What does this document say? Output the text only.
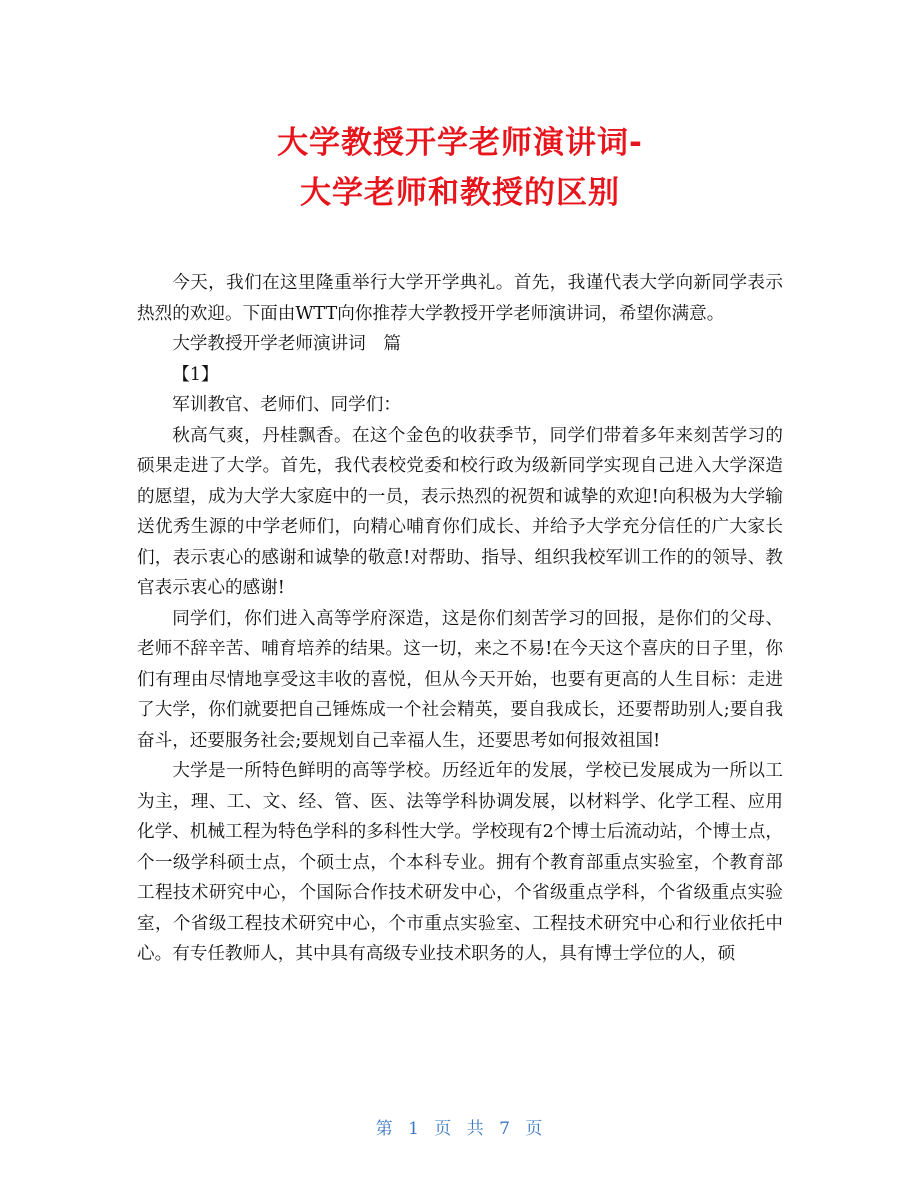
大学教授开学老师演讲词-
大学老师和教授的区别

今天，我们在这里隆重举行大学开学典礼。首先，我谨代表大学向新同学表示热烈的欢迎。下面由WTT向你推荐大学教授开学老师演讲词，希望你满意。

大学教授开学老师演讲词　篇

【1】

军训教官、老师们、同学们：

秋高气爽，丹桂飘香。在这个金色的收获季节，同学们带着多年来刻苦学习的硕果走进了大学。首先，我代表校党委和校行政为级新同学实现自己进入大学深造的愿望，成为大学大家庭中的一员，表示热烈的祝贺和诚挚的欢迎!向积极为大学输送优秀生源的中学老师们，向精心哺育你们成长、并给予大学充分信任的广大家长们，表示衷心的感谢和诚挚的敬意!对帮助、指导、组织我校军训工作的的领导、教官表示衷心的感谢!

同学们，你们进入高等学府深造，这是你们刻苦学习的回报，是你们的父母、老师不辞辛苦、哺育培养的结果。这一切，来之不易!在今天这个喜庆的日子里，你们有理由尽情地享受这丰收的喜悦，但从今天开始，也要有更高的人生目标：走进了大学，你们就要把自己锤炼成一个社会精英，要自我成长，还要帮助别人;要自我奋斗，还要服务社会;要规划自己幸福人生，还要思考如何报效祖国!

大学是一所特色鲜明的高等学校。历经近年的发展，学校已发展成为一所以工为主，理、工、文、经、管、医、法等学科协调发展，以材料学、化学工程、应用化学、机械工程为特色学科的多科性大学。学校现有2个博士后流动站，个博士点，个一级学科硕士点，个硕士点，个本科专业。拥有个教育部重点实验室，个教育部工程技术研究中心，个国际合作技术研发中心，个省级重点学科，个省级重点实验室，个省级工程技术研究中心，个市重点实验室、工程技术研究中心和行业依托中心。有专任教师人，其中具有高级专业技术职务的人，具有博士学位的人，硕

第 1 页 共 7 页
